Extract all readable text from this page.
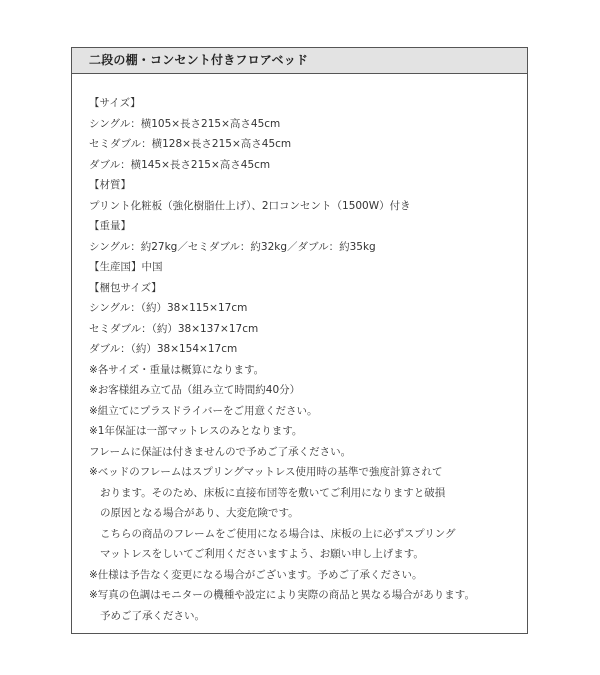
二段の棚・コンセント付きフロアベッド
【サイズ】
シングル：横105×長さ215×高さ45cm
セミダブル：横128×長さ215×高さ45cm
ダブル：横145×長さ215×高さ45cm
【材質】
プリント化粧板（強化樹脂仕上げ）、2口コンセント（1500W）付き
【重量】
シングル：約27kg／セミダブル：約32kg／ダブル：約35kg
【生産国】中国
【梱包サイズ】
シングル：（約）38×115×17cm
セミダブル：（約）38×137×17cm
ダブル：（約）38×154×17cm
※各サイズ・重量は概算になります。
※お客様組み立て品（組み立て時間約40分）
※組立てにプラスドライバーをご用意ください。
※1年保証は一部マットレスのみとなります。
フレームに保証は付きませんので予めご了承ください。
※ベッドのフレームはスプリングマットレス使用時の基準で強度計算されて
おります。そのため、床板に直接布団等を敷いてご利用になりますと破損
の原因となる場合があり、大変危険です。
こちらの商品のフレームをご使用になる場合は、床板の上に必ずスプリング
マットレスをしいてご利用くださいますよう、お願い申し上げます。
※仕様は予告なく変更になる場合がございます。予めご了承ください。
※写真の色調はモニターの機種や設定により実際の商品と異なる場合があります。
予めご了承ください。
